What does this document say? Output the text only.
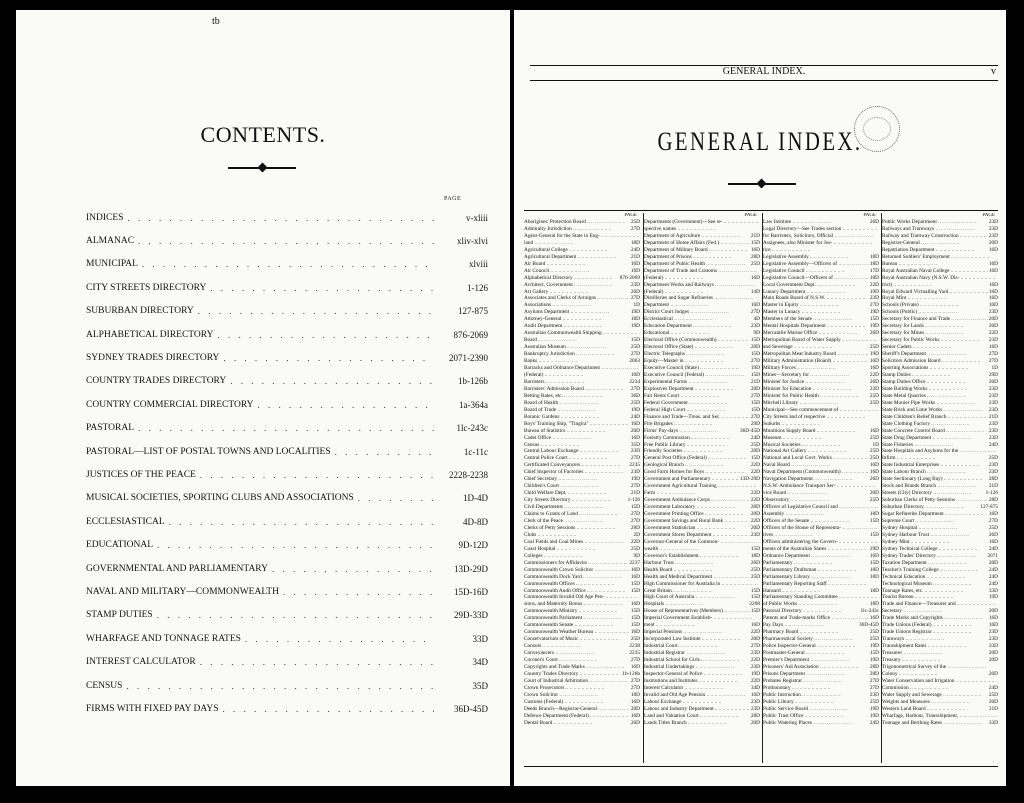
tb
CONTENTS.
PAGE
INDICES . . .	v-xliii
ALMANAC . . .	xliv-xlvi
MUNICIPAL . . .	xlviii
CITY STREETS DIRECTORY . . .	1-126
SUBURBAN DIRECTORY . . .	127-875
ALPHABETICAL DIRECTORY . . .	876-2069
SYDNEY TRADES DIRECTORY . . .	2071-2390
COUNTRY TRADES DIRECTORY . . .	1b-126b
COUNTRY COMMERCIAL DIRECTORY . . .	1a-364a
PASTORAL . . .	1lc-243c
PASTORAL—LIST OF POSTAL TOWNS AND LOCALITIES . . .	1c-11c
JUSTICES OF THE PEACE . . .	2228-2238
MUSICAL SOCIETIES, SPORTING CLUBS AND ASSOCIATIONS . . .	1D-4D
ECCLESIASTICAL . . .	4D-8D
EDUCATIONAL . . .	9D-12D
GOVERNMENTAL AND PARLIAMENTARY . . .	13D-29D
NAVAL AND MILITARY—COMMONWEALTH . . .	15D-16D
STAMP DUTIES . . .	29D-33D
WHARFAGE AND TONNAGE RATES . . .	33D
INTEREST CALCULATOR . . .	34D
CENSUS . . .	35D
FIRMS WITH FIXED PAY DAYS . . .	36D-45D
GENERAL INDEX.	v
GENERAL INDEX.
PAGE
Aborigines' Protection Board .. ..	25D
Admiralty Jurisdiction .. ..	27D
Agent-General for the State in Eng- .. ..
land .. ..	18D
Agricultural College .. ..	24D
Agricultural Department .. ..	21D
Air Board .. ..	16D
Air Council .. ..	16D
Alphabetical Directory .. ..	876-2069
Architect, Government .. ..	23D
Art Gallery .. ..	26D
Associates and Clerks of Arraigns .. ..	27D
Associations .. ..	1D
Asylums Department .. ..	19D
Attorney-General .. ..	18D
Audit Department .. ..	19D
Australian Commonwealth Shipping .. ..
Board .. ..	15D
Australian Museum .. ..	25D
Bankruptcy Jurisdiction .. ..	27D
Banks .. ..	2063
Barracks and Ordnance Department .. ..
(Federal) .. ..	16D
Barristers .. ..	2234
Barristers' Admission Board .. ..	27D
Betting Rates, etc. .. ..	36D
Board of Health .. ..	25D
Board of Trade .. ..	19D
Botanic Gardens .. ..	24D
Boys' Training Ship, "Tingira" .. ..	16D
Bureau of Statistics .. ..	20D
Cadet Office .. ..	16D
Census .. ..	35D
Central Labour Exchange .. ..	23D
Central Police Court .. ..	27D
Certificated Conveyancers .. ..	2235
Chief Inspector of Factories .. ..	23D
Chief Secretary .. ..	19D
Children's Court .. ..	27D
Child Welfare Dept. .. ..	21D
City Streets Directory .. ..	1-126
Civil Departments .. ..	15D
Claims to Grants of Land .. ..	27D
Clerk of the Peace .. ..	27D
Clerks of Petty Sessions .. ..	28D
Clubs .. ..	2D
Coal Fields and Coal Mines .. ..	22D
Coast Hospital .. ..	25D
Colleges .. ..	9D
Commissioners for Affidavits .. ..	2237
Commonwealth Crown Solicitor .. ..	16D
Commonwealth Dock Yard .. ..	16D
Commonwealth Offices .. ..	15D
Commonwealth Audit Office .. ..	15D
Commonwealth Invalid Old Age Pen- .. ..
sions, and Maternity Bonus .. ..	16D
Commonwealth Ministry .. ..	15D
Commonwealth Parliament .. ..	15D
Commonwealth Senate .. ..	15D
Commonwealth Weather Bureau .. ..	16D
Conservatorium of Music .. ..	25D
Consuls .. ..	2238
Conveyancers .. ..	2235
Coroner's Court .. ..	27D
Copyrights and Trade Marks .. ..	16D
Country Trades Directory .. ..	1b-126b
Court of Industrial Arbitration .. ..	27D
Crown Prosecutors .. ..	27D
Crown Solicitor .. ..	18D
Customs (Federal) .. ..	16D
Deeds Branch—Registrar-General .. ..	20D
Defence Department (Federal) .. ..	16D
Dental Board .. ..	26D
PAGE
Departments (Government)—See re- .. ..
spective names .. ..
Department of Agriculture .. ..	21D
Department of Home Affairs (Fed.) .. ..	15D
Department of Military Board .. ..	16D
Department of Prisons .. ..	28D
Department of Public Health .. ..	25D
Department of Trade and Customs .. ..
(Federal) .. ..	16D
Department Works and Railways .. ..
(Federal) .. ..	14D
Distilleries and Sugar Refineries .. ..
Department .. ..	16D
District Court Judges .. ..	27D
Ecclesiastical .. ..	4D
Education Department .. ..	23D
Educational .. ..	9D
Electoral Office (Commonwealth) .. ..	15D
Electoral Office (State) .. ..	20D
Electric Telegraphs .. ..	15D
Equity—Master in .. ..	27D
Executive Council (State) .. ..	19D
Executive Council (Federal) .. ..	15D
Experimental Farms .. ..	21D
Explosives Department .. ..	20D
Fair Rents Court .. ..	27D
Federal Government .. ..	15D
Federal High Court .. ..	15D
Finance and Trade—Treas. and Sec. .. ..	27D
Fire Brigades .. ..	29D
Firms' Pay-days .. ..	36D-45D
Forestry Commission .. ..	24D
Free Public Library .. ..	25D
Friendly Societies .. ..	20D
General Post Office (Federal) .. ..	15D
Geological Branch .. ..	22D
Good Farm Homes for Boys .. ..	22D
Government and Parliamentary .. ..	13D-29D
Government Agricultural Training .. ..
Farm .. ..	22D
Government Ambulance Corps .. ..	22D
Government Laboratory .. ..	20D
Government Printing Office .. ..	20D
Government Savings and Rural Bank .. ..	22D
Government Statistician .. ..	20D
Government Stores Department .. ..	23D
Governor-General of the Common- .. ..
wealth .. ..	15D
Governor's Establishment .. ..	18D
Harbour Trust .. ..	26D
Health Board .. ..	25D
Health and Medical Department .. ..	25D
High Commissioner for Australia in .. ..
Great Britain .. ..	15D
High Court of Australia .. ..	15D
Hospitals .. ..	2208
House of Representatives (Members) .. ..	15D
Imperial Government Establish- .. ..
ment .. ..	16D
Imperial Pensions .. ..	22D
Incorporated Law Institute .. ..	26D
Industrial Court .. ..	27D
Industrial Registrar .. ..	23D
Industrial School for Girls .. ..	22D
Industrial Undertakings .. ..	23D
Inspector-General of Police .. ..	19D
Institutions and Institutes .. ..	22D
Interest Calculator .. ..	34D
Invalid and Old Age Pension .. ..	16D
Labour Exchange .. ..	23D
Labour and Industry Department .. ..	23D
Land and Valuation Court .. ..	28D
Lands Titles Branch .. ..	20D
PAGE
Law Institute .. ..	26D
Legal Directory—See Trades section .. ..
for Barristers, Solicitors, Official .. ..
Assignees, also Minister for Jus- .. ..
tice .. ..
Legislative Assembly .. ..	18D
Legislative Assembly—Officers of .. ..	18D
Legislative Council .. ..	17D
Legislative Council—Officers of .. ..	18D
Local Government Dept. .. ..	22D
Lunacy Department .. ..	19D
Main Roads Board of N.S.W. .. ..	23D
Master in Equity .. ..	27D
Master in Lunacy .. ..	19D
Members of the Senate .. ..	15D
Mental Hospitals Department .. ..	19D
Mercantile Marine Office .. ..	26D
Metropolitan Board of Water Supply .. ..
and Sewerage .. ..	25D
Metropolitan Meat Industry Board .. ..	19D
Military Administration (Board) .. ..	16D
Military Forces .. ..	16D
Mines—Secretary for .. ..	22D
Minister for Justice .. ..	26D
Minister for Education .. ..	23D
Minister for Public Health .. ..	25D
Mitchell Library .. ..	25D
Municipal—See commencement of .. ..
City Streets and of respective .. ..
Suburbs .. ..
Munitions Supply Board .. ..	16D
Museum .. ..	25D
Musical Societies .. ..	1D
National Art Gallery .. ..	25D
National and Local Govt. Works .. ..	25D
Naval Board .. ..	16D
Naval Department (Commonwealth) .. ..	16D
Navigation Department .. ..	26D
N.S.W. Ambulance Transport Ser- .. ..
vice Board .. ..	20D
Observatory .. ..	25D
Officers of Legislative Council and .. ..
Assembly .. ..	18D
Officers of the Senate .. ..	15D
Officers of the House of Representa- .. ..
tives .. ..	15D
Officers administering the Govern- .. ..
ments of the Australian States .. ..	29D
Ordnance Department .. ..	16D
Parliamentary .. ..	15D
Parliamentary Draftsman .. ..	18D
Parliamentary Library .. ..	18D
Parliamentary Reporting Staff .. ..
Hansard .. ..	18D
Parliamentary Standing Committee .. ..
of Public Works .. ..	18D
Pastoral Directory .. ..	1lc-243c
Patents and Trade-marks Office .. ..	16D
Pay Days .. ..	36D-45D
Pharmacy Board .. ..	25D
Pharmaceutical Society .. ..	25D
Police Inspector-General .. ..	19D
Postmaster-General .. ..	15D
Premier's Department .. ..	19D
Prisoners' Aid Association .. ..	28D
Prisons Department .. ..	28D
Probates Registrar .. ..	27D
Prothonotary .. ..	27D
Public Instruction .. ..	23D
Public Library .. ..	25D
Public Service Board .. ..	19D
Public Trust Office .. ..	19D
Public Watering Places .. ..	24D
PAGE
Public Works Department .. ..	23D
Railways and Tramways .. ..	23D
Railway and Tramway Construction .. ..	23D
Registrar-General .. ..	20D
Repatriation Department .. ..	16D
Returned Soldiers' Employment .. ..
Bureau .. ..	16D
Royal Australian Naval College .. ..	16D
Royal Australian Navy (N.S.W. Dis- .. ..
trict) .. ..	16D
Royal Edward Victualling Yard .. ..	16D
Royal Mint .. ..	16D
Schools (Private) .. ..	10D
Schools (Public) .. ..	23D
Secretary for Finance and Trade .. ..	20D
Secretary for Lands .. ..	20D
Secretary for Mines .. ..	22D
Secretary for Public Works .. ..	23D
Senior Cadets .. ..	16D
Sheriff's Department .. ..	27D
Solicitors Admission Board .. ..	27D
Sporting Associations .. ..	1D
Stamp Duties .. ..	29D
Stamp Duties Office .. ..	20D
State Building Works .. ..	23D
State Metal Quarries .. ..	23D
State Monier Pipe Works .. ..	23D
State Brick and Lime Works .. ..	23D
State Children's Relief Branch .. ..	21D
State Clothing Factory .. ..	23D
State Concrete Control Board .. ..	23D
State Drug Department .. ..	23D
State Fisheries .. ..	24D
State Hospitals and Asylums for the .. ..
Infirm .. ..	25D
State Industrial Enterprises .. ..	23D
State Labour Branch .. ..	23D
State Sectionary (Long Bay) .. ..	28D
Stock and Brands Branch .. ..	21D
Streets (City) Directory .. ..	1-126
Suburban Clerks of Petty Sessions .. ..	28D
Suburban Directory .. ..	127-875
Sugar Refineries Department .. ..	16D
Supreme Court .. ..	27D
Sydney Hospital .. ..	25D
Sydney Harbour Trust .. ..	26D
Sydney Mint .. ..	16D
Sydney Technical College .. ..	24D
Sydney Trades' Directory .. ..	2071
Taxation Department .. ..	20D
Teacher's Training College .. ..	24D
Technical Education .. ..	24D
Technological Museum .. ..	24D
Tonnage Rates, etc. .. ..	33D
Tourist Bureau .. ..	19D
Trade and Finance—Treasurer and .. ..
Secretary .. ..	20D
Trade Marks and Copyrights .. ..	16D
Trade Unions (Federal) .. ..	16D
Trade Unions Registrar .. ..	23D
Tramways .. ..	23D
Transshipment Rates .. ..	33D
Treasurer .. ..	20D
Treasury .. ..	20D
Trigonometrical Survey of the .. ..
Colony .. ..	20D
Water Conservation and Irrigation .. ..
Commission .. ..	24D
Water Supply and Sewerage .. ..	25D
Weights and Measures .. ..	20D
Western Land Board .. ..	21D
Wharfage, Harbour, Transshipment, .. ..
Tonnage and Berthing Rates .. ..	33D
